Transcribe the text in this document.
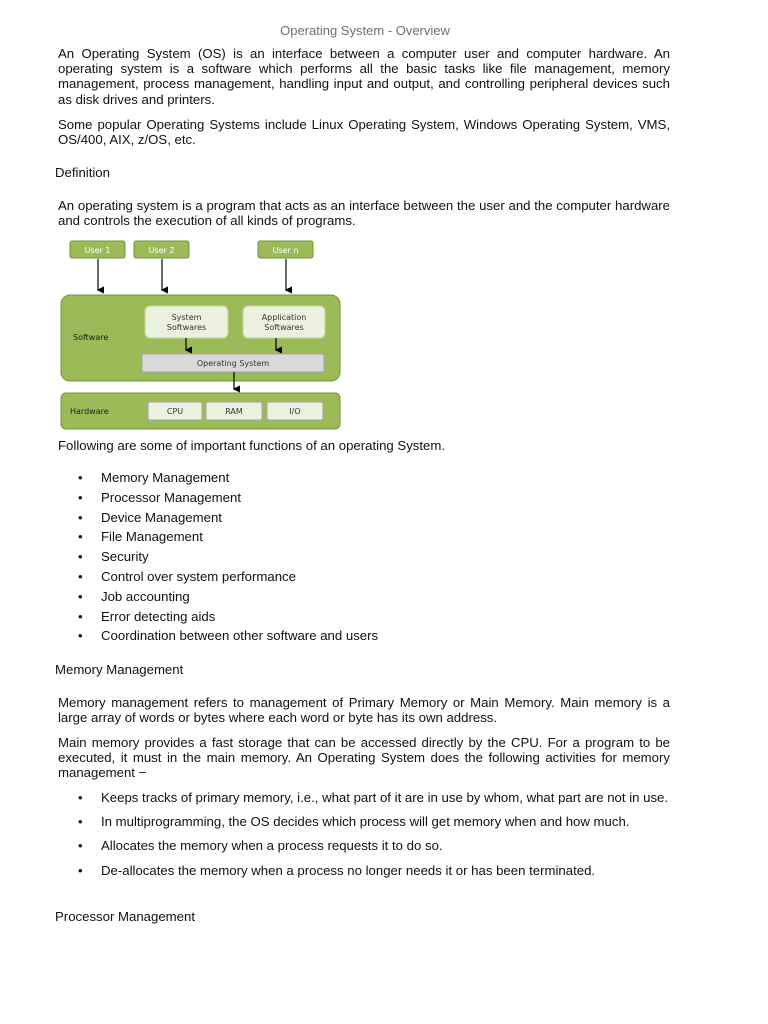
Operating System - Overview

An Operating System (OS) is an interface between a computer user and computer hardware. An operating system is a software which performs all the basic tasks like file management, memory management, process management, handling input and output, and controlling peripheral devices such as disk drives and printers.

Some popular Operating Systems include Linux Operating System, Windows Operating System, VMS, OS/400, AIX, z/OS, etc.

Definition

An operating system is a program that acts as an interface between the user and the computer hardware and controls the execution of all kinds of programs.

User 1	User 2	User n
Software
System
Softwares
Application
Softwares
Operating System
Hardware	CPU	RAM	I/O

Following are some of important functions of an operating System.

• Memory Management
• Processor Management
• Device Management
• File Management
• Security
• Control over system performance
• Job accounting
• Error detecting aids
• Coordination between other software and users

Memory Management

Memory management refers to management of Primary Memory or Main Memory. Main memory is a large array of words or bytes where each word or byte has its own address.

Main memory provides a fast storage that can be accessed directly by the CPU. For a program to be executed, it must in the main memory. An Operating System does the following activities for memory management −

• Keeps tracks of primary memory, i.e., what part of it are in use by whom, what part are not in use.
• In multiprogramming, the OS decides which process will get memory when and how much.
• Allocates the memory when a process requests it to do so.
• De-allocates the memory when a process no longer needs it or has been terminated.

Processor Management
